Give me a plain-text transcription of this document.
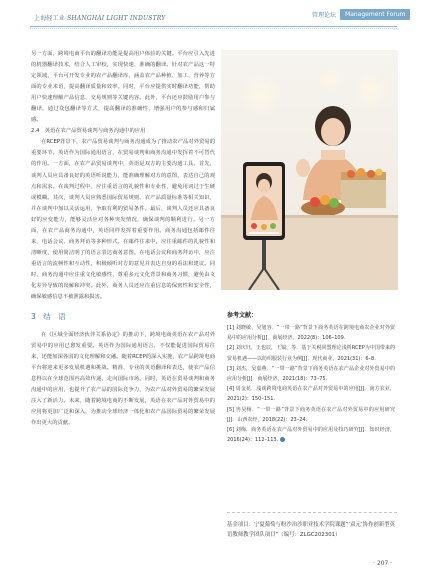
上海轻工业 SHANGHAI LIGHT INDUSTRY	管理论坛	Management Forum

另一方面，跨境电商平台的翻译功能是提高用户体验的关键。平台应引入先进的机器翻译技术，结合人工审校，实现快速、准确的翻译。针对农产品这一特定领域，平台可开发专业的农产品翻译库，涵盖农产品种植、加工、营养等方面的专业术语，提高翻译质量和效率。同时，平台应提供实时翻译功能，帮助用户快速理解产品信息、交易规则等关键内容。此外，平台还应鼓励用户参与翻译，通过众包翻译等方式，提高翻译的准确性，增强用户的参与感和归属感。

2.4　英语在农产品贸易谈判与商务沟通中的应用

在RCEP背景下，农产品贸易谈判与商务沟通成为了推动农产品对外贸易的重要环节。英语作为国际通用语言，在贸易谈判和商务沟通中发挥着不可替代的作用。一方面，在农产品贸易谈判中，英语是双方的主要沟通工具。首先，谈判人员应具备良好的英语听说能力，能准确理解对方的意图，表达自己的观点和需求。在谈判过程中，应注重语言的礼貌性和专业性，避免用词过于生硬或模糊。其次，谈判人员应熟悉国际贸易规则、农产品质量标准等相关知识，并在谈判中加以灵活运用，争取有利的贸易条件。最后，谈判人员还应具备良好的应变能力，能够灵活应对各种突发情况，确保谈判的顺利进行。另一方面，在农产品商务沟通中，英语同样发挥着重要作用。商务沟通包括邮件往来、电话会议、商务拜访等多种形式。在邮件往来中，应注重邮件的礼貌性和清晰度，使用简洁明了的语言表达商务意图。在电话会议和商务拜访中，应注重语言的流畅性和互动性，积极倾听对方的意见并表达自身的看法和建议。同时，商务沟通中应注重文化敏感性，尊重多元文化背景和商务习惯，避免由文化差异导致的误解和冲突。此外，商务人员还应注重信息的保密性和安全性，确保敏感信息不被泄露和损害。

3　结　语

在《区域全面经济伙伴关系协定》的推动下，跨境电商英语在农产品对外贸易中的应用已愈发重要。英语作为国际通用语言，不仅能促进国际贸易往来，还能加深各国的文化理解和交融。随着RCEP的深入实施，农产品跨境电商平台将迎来更多发展机遇和挑战。精准、专业的英语翻译和表达，使农产品信息得以在全球范围内高效传递，走向国际市场。同时，英语在贸易谈判和商务沟通中的应用，也提升了农产品的国际竞争力，为农产品对外贸易的繁荣发展注入了新活力。未来，随着跨境电商的不断发展，英语在农产品对外贸易中的应用将更加广泛和深入，为推动全球经济一体化和农产品国际贸易的繁荣发展作出更大的贡献。

参考文献：

[1] 刘晓敏，吴旭容．“一带一路”背景下商务英语在跨境电商农企业对外贸易中的应用分析[J]．商展经济，2022(8)：106–109.

[2] 刘庆钰，王也辰，王镐，等．基于关税同盟理论浅析RCEP为中国带来的贸易机遇——以纺织服装行业为例[J]．现代商业，2021(31)：6–8.

[3] 刘杰，吴嘉燕．“一带一路”背景下商务英语在农产品企业对外贸易中的应用分析[J]．商展经济，2021(18)：73–75.

[4] 周金花．浅谈跨境电商英语在农产品对外贸易中的应用[J]．南方农业，2021(2)：150–151.

[5] 冉昊杨．“一带一路”背景下商务英语在农产品对外贸易中的应用研究[J]．山西农经，2018(22)：23–24.

[6] 刘梅．商务英语在农产品对外贸易中的应用及技巧研究[J]．知识经济，2016(24)：112–113.

基金项目：宁夏葡萄与粉沙治沙职业技术学院课题“‘双元’协作创新型英语教师教学团队项目”（编号：ZLGC202301）

· 207 ·
